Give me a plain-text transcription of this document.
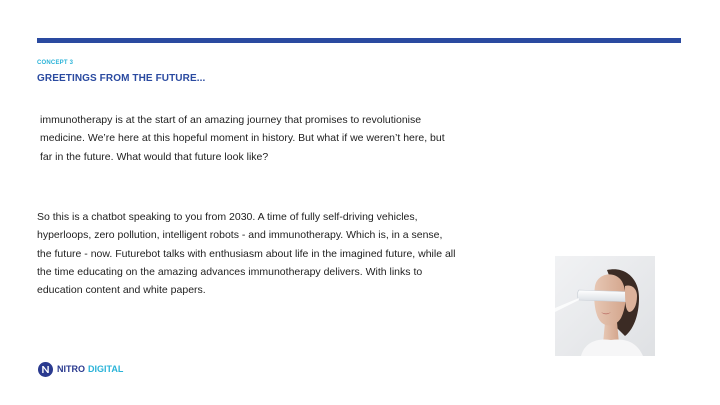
CONCEPT 3
GREETINGS FROM THE FUTURE...

immunotherapy is at the start of an amazing journey that promises to revolutionise medicine. We’re here at this hopeful moment in history. But what if we weren’t here, but far in the future. What would that future look like?

So this is a chatbot speaking to you from 2030. A time of fully self-driving vehicles, hyperloops, zero pollution, intelligent robots - and immunotherapy. Which is, in a sense, the future - now. Futurebot talks with enthusiasm about life in the imagined future, while all the time educating on the amazing advances immunotherapy delivers. With links to education content and white papers.

NITRO DIGITAL
